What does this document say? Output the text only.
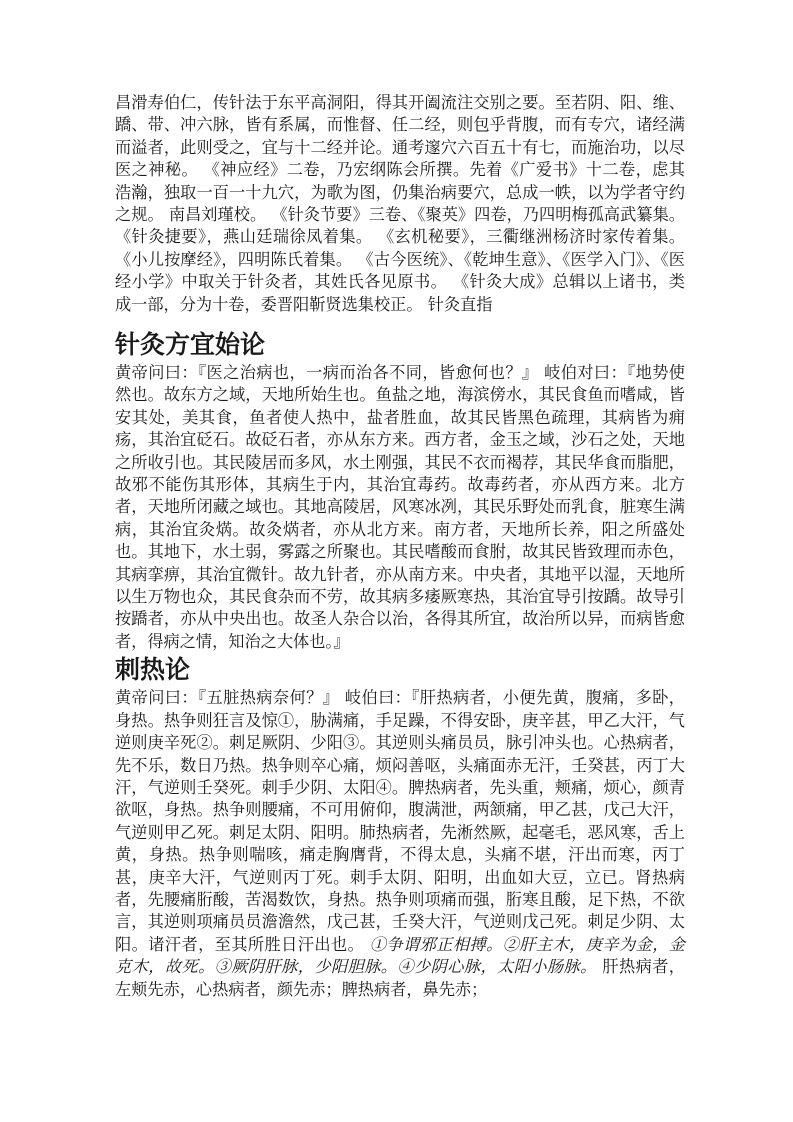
昌滑寿伯仁，传针法于东平高洞阳，得其开阖流注交别之要。至若阴、阳、维、蹻、带、冲六脉，皆有系属，而惟督、任二经，则包乎背腹，而有专穴，诸经满而溢者，此则受之，宜与十二经并论。通考邃穴六百五十有七，而施治功，以尽医之神秘。 《神应经》二卷，乃宏纲陈会所撰。先着《广爱书》十二卷，虑其浩瀚，独取一百一十九穴，为歌为图，仍集治病要穴，总成一帙，以为学者守约之规。 南昌刘瑾校。 《针灸节要》三卷、《聚英》四卷，乃四明梅孤高武纂集。 《针灸捷要》，燕山廷瑞徐凤着集。 《玄机秘要》，三衢继洲杨济时家传着集。 《小儿按摩经》，四明陈氏着集。 《古今医统》、《乾坤生意》、《医学入门》、《医经小学》中取关于针灸者，其姓氏各见原书。 《针灸大成》总辑以上诸书，类成一部，分为十卷，委晋阳靳贤选集校正。 针灸直指

针灸方宜始论

黄帝问曰：『医之治病也，一病而治各不同，皆愈何也？』 岐伯对曰：『地势使然也。故东方之域，天地所始生也。鱼盐之地，海滨傍水，其民食鱼而嗜咸，皆安其处，美其食，鱼者使人热中，盐者胜血，故其民皆黑色疏理，其病皆为痈疡，其治宜砭石。故砭石者，亦从东方来。西方者，金玉之域，沙石之处，天地之所收引也。其民陵居而多风，水土刚强，其民不衣而褐荐，其民华食而脂肥，故邪不能伤其形体，其病生于内，其治宜毒药。故毒药者，亦从西方来。北方者，天地所闭藏之域也。其地高陵居，风寒冰冽，其民乐野处而乳食，脏寒生满病，其治宜灸焫。故灸焫者，亦从北方来。南方者，天地所长养，阳之所盛处也。其地下，水土弱，雾露之所聚也。其民嗜酸而食胕，故其民皆致理而赤色，其病挛痹，其治宜微针。故九针者，亦从南方来。中央者，其地平以湿，天地所以生万物也众，其民食杂而不劳，故其病多痿厥寒热，其治宜导引按蹻。故导引按蹻者，亦从中央出也。故圣人杂合以治，各得其所宜，故治所以异，而病皆愈者，得病之情，知治之大体也。』

刺热论

黄帝问曰：『五脏热病奈何？』 岐伯曰：『肝热病者，小便先黄，腹痛，多卧，身热。热争则狂言及惊①，胁满痛，手足躁，不得安卧，庚辛甚，甲乙大汗，气逆则庚辛死②。刺足厥阴、少阳③。其逆则头痛员员，脉引冲头也。心热病者，先不乐，数日乃热。热争则卒心痛，烦闷善呕，头痛面赤无汗，壬癸甚，丙丁大汗，气逆则壬癸死。刺手少阴、太阳④。脾热病者，先头重，颊痛，烦心，颜青欲呕，身热。热争则腰痛，不可用俯仰，腹满泄，两颔痛，甲乙甚，戊己大汗，气逆则甲乙死。刺足太阴、阳明。肺热病者，先淅然厥，起毫毛，恶风寒，舌上黄，身热。热争则喘咳，痛走胸膺背，不得太息，头痛不堪，汗出而寒，丙丁甚，庚辛大汗，气逆则丙丁死。刺手太阴、阳明，出血如大豆，立已。肾热病者，先腰痛胻酸，苦渴数饮，身热。热争则项痛而强，胻寒且酸，足下热，不欲言，其逆则项痛员员澹澹然，戊己甚，壬癸大汗，气逆则戊己死。刺足少阴、太阳。诸汗者，至其所胜日汗出也。 ①争谓邪正相搏。②肝主木，庚辛为金，金克木，故死。③厥阴肝脉，少阳胆脉。④少阴心脉，太阳小肠脉。 肝热病者，左颊先赤，心热病者，颜先赤；脾热病者，鼻先赤；
